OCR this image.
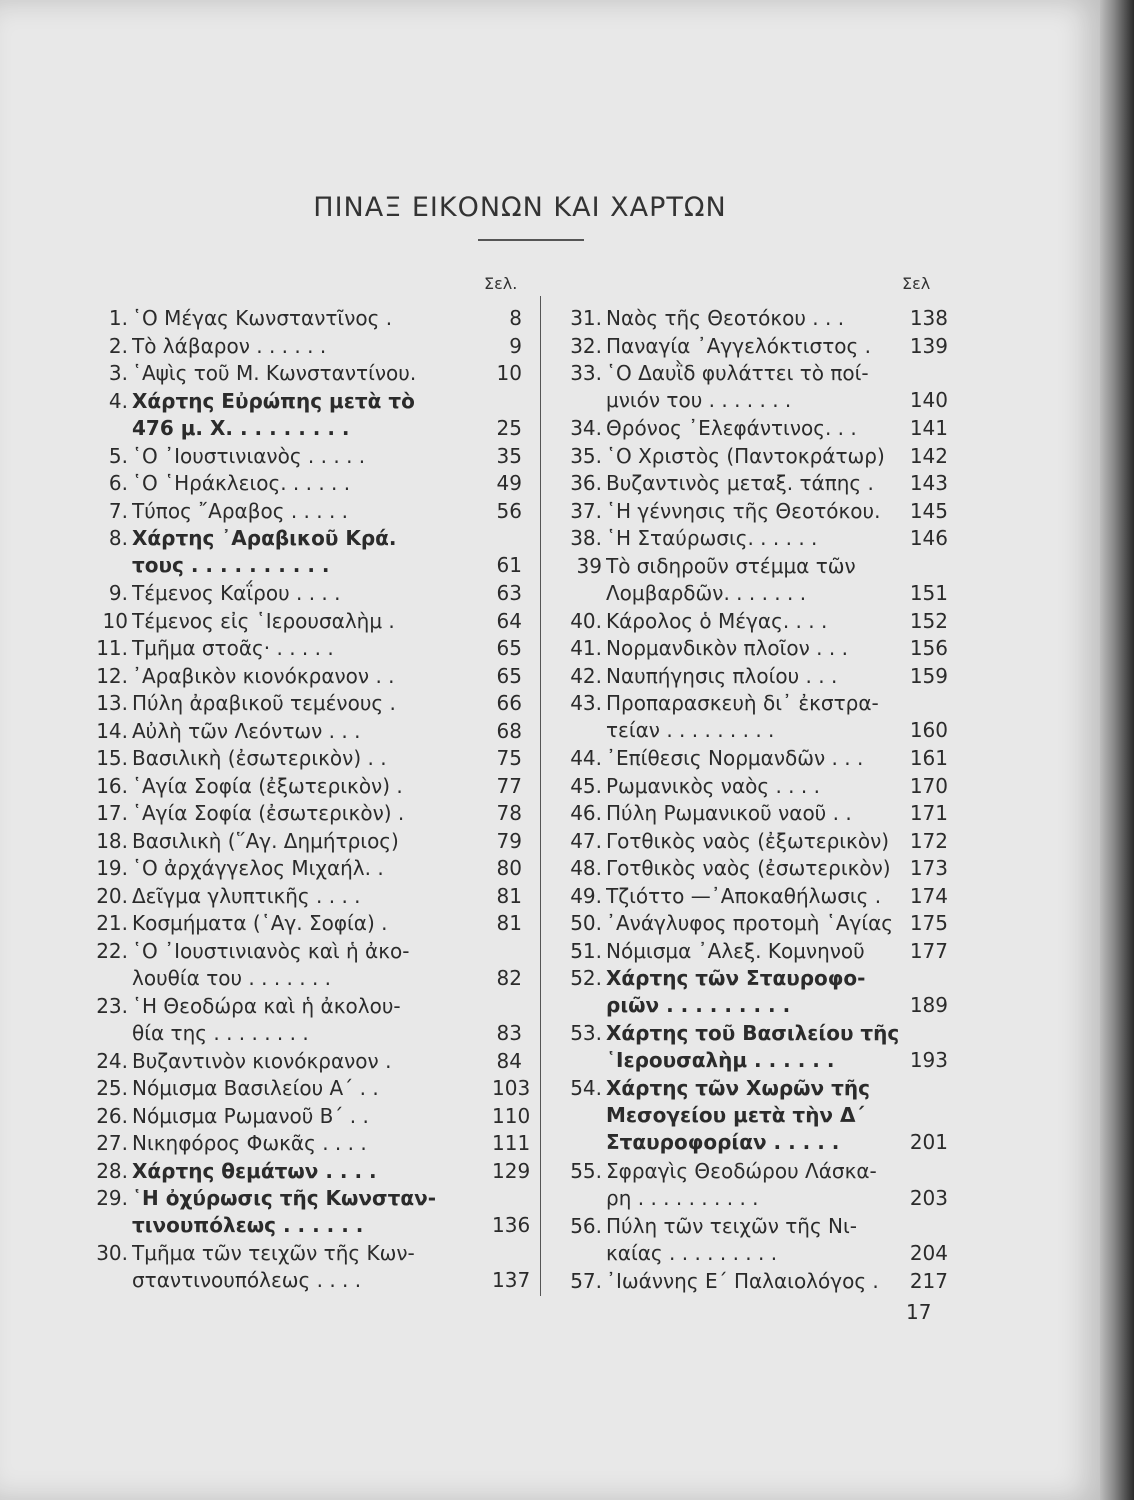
ΠΙΝΑΞ ΕΙΚΟΝΩΝ ΚΑΙ ΧΑΡΤΩΝ
Σελ.	Σελ
1. ῾Ο Μέγας Κωνσταντῖνος .	8
2. Τὸ λάβαρον . . . . . .	9
3. ῾Αψὶς τοῦ Μ. Κωνσταντίνου.	10
4. Χάρτης Εὐρώπης μετὰ τὸ
476 μ. Χ. . . . . . . . .	25
5. ῾Ο ᾽Ιουστινιανὸς . . . . .	35
6. ῾Ο ῾Ηράκλειος. . . . . .	49
7. Τύπος ῎Αραβος . . . . .	56
8. Χάρτης ᾽Αραβικοῦ Κρά.
τους . . . . . . . . . .	61
9. Τέμενος Καΐρου . . . .	63
10 Τέμενος εἰς ῾Ιερουσαλὴμ .	64
11. Τμῆμα στοᾶς· . . . . .	65
12. ᾽Αραβικὸν κιονόκρανον . .	65
13. Πύλη ἀραβικοῦ τεμένους .	66
14. Αὐλὴ τῶν Λεόντων . . .	68
15. Βασιλικὴ (ἐσωτερικὸν) . .	75
16. ῾Αγία Σοφία (ἐξωτερικὸν) .	77
17. ῾Αγία Σοφία (ἐσωτερικὸν) .	78
18. Βασιλικὴ (῞Αγ. Δημήτριος)	79
19. ῾Ο ἀρχάγγελος Μιχαήλ. .	80
20. Δεῖγμα γλυπτικῆς . . . .	81
21. Κοσμήματα (῾Αγ. Σοφία) .	81
22. ῾Ο ᾽Ιουστινιανὸς καὶ ἡ ἀκο-
λουθία του . . . . . . .	82
23. ῾Η Θεοδώρα καὶ ἡ ἀκολου-
θία της . . . . . . . .	83
24. Βυζαντινὸν κιονόκρανον .	84
25. Νόμισμα Βασιλείου Α΄ . .	103
26. Νόμισμα Ρωμανοῦ Β΄ . .	110
27. Νικηφόρος Φωκᾶς . . . .	111
28. Χάρτης θεμάτων . . . .	129
29. ῾Η ὀχύρωσις τῆς Κωνσταν-
τινουπόλεως . . . . . .	136
30. Τμῆμα τῶν τειχῶν τῆς Κων-
σταντινουπόλεως . . . .	137
31. Ναὸς τῆς Θεοτόκου . . .	138
32. Παναγία ᾽Αγγελόκτιστος .	139
33. ῾Ο Δαυῒδ φυλάττει τὸ ποί-
μνιόν του . . . . . . .	140
34. Θρόνος ᾽Ελεφάντινος. . .	141
35. ῾Ο Χριστὸς (Παντοκράτωρ)	142
36. Βυζαντινὸς μεταξ. τάπης .	143
37. ῾Η γέννησις τῆς Θεοτόκου.	145
38. ῾Η Σταύρωσις. . . . . .	146
39 Τὸ σιδηροῦν στέμμα τῶν
Λομβαρδῶν. . . . . . .	151
40. Κάρολος ὁ Μέγας. . . .	152
41. Νορμανδικὸν πλοῖον . . .	156
42. Ναυπήγησις πλοίου . . .	159
43. Προπαρασκευὴ δι᾽ ἐκστρα-
τείαν . . . . . . . . .	160
44. ᾽Επίθεσις Νορμανδῶν . . .	161
45. Ρωμανικὸς ναὸς . . . .	170
46. Πύλη Ρωμανικοῦ ναοῦ . .	171
47. Γοτθικὸς ναὸς (ἐξωτερικὸν)	172
48. Γοτθικὸς ναὸς (ἐσωτερικὸν) 173
49. Τζιόττο —᾽Αποκαθήλωσις .	174
50. ᾽Ανάγλυφος προτομὴ ῾Αγίας 175
51. Νόμισμα ᾽Αλεξ. Κομνηνοῦ	177
52. Χάρτης τῶν Σταυροφο-
ριῶν . . . . . . . . .	189
53. Χάρτης τοῦ Βασιλείου τῆς
῾Ιερουσαλὴμ . . . . . .	193
54. Χάρτης τῶν Χωρῶν τῆς
Μεσογείου μετὰ τὴν Δ΄
Σταυροφορίαν . . . . .	201
55. Σφραγὶς Θεοδώρου Λάσκα-
ρη . . . . . . . . . .	203
56. Πύλη τῶν τειχῶν τῆς Νι-
καίας . . . . . . . . .	204
57. ᾽Ιωάννης Ε΄ Παλαιολόγος .	217
17
